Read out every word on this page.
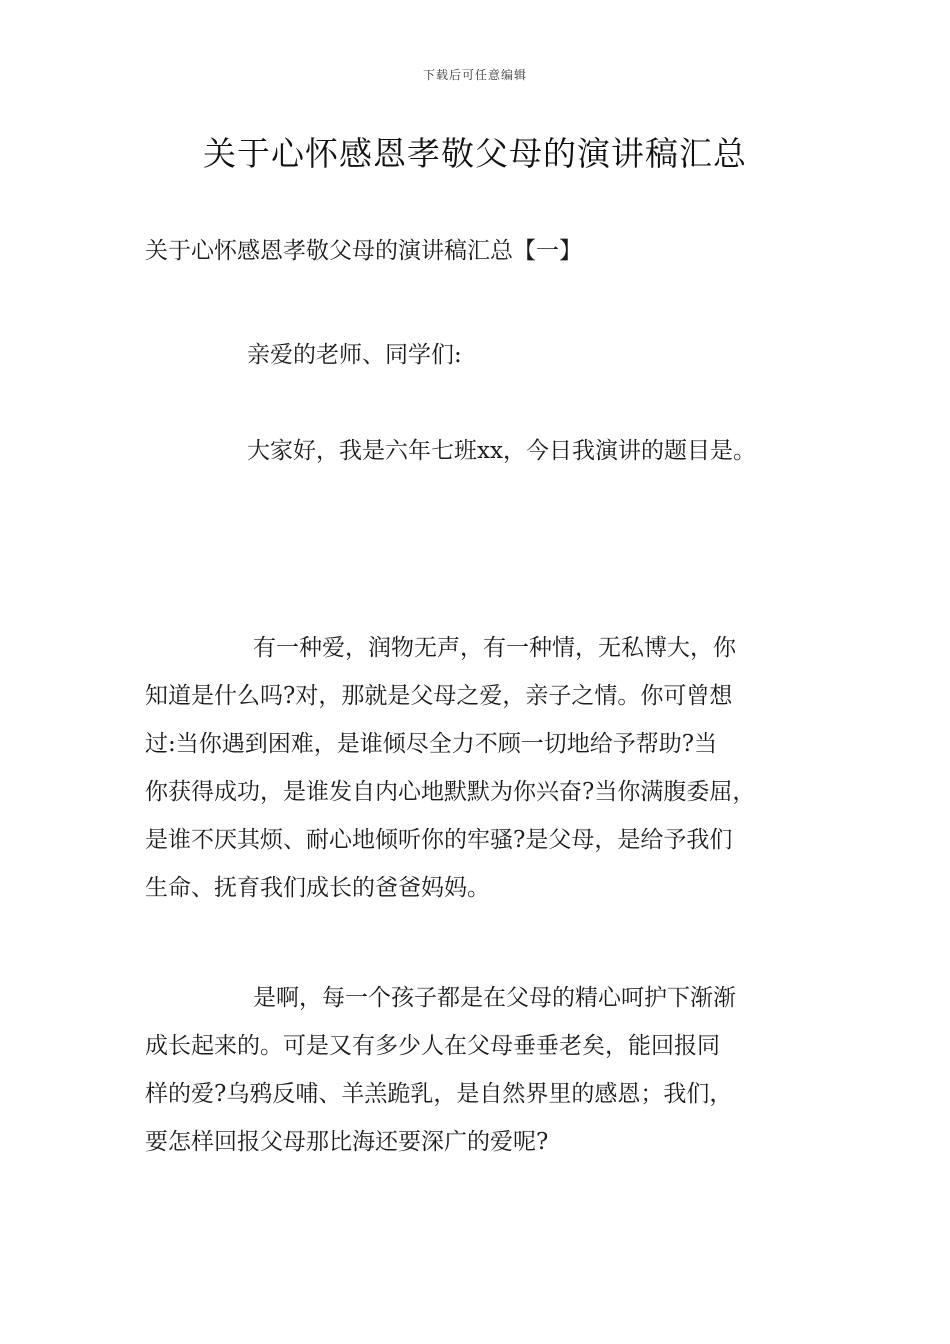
下载后可任意编辑
关于心怀感恩孝敬父母的演讲稿汇总
关于心怀感恩孝敬父母的演讲稿汇总【一】
亲爱的老师、同学们:
大家好，我是六年七班xx，今日我演讲的题目是。

有一种爱，润物无声，有一种情，无私博大，你
知道是什么吗?对，那就是父母之爱，亲子之情。你可曾想
过:当你遇到困难，是谁倾尽全力不顾一切地给予帮助?当
你获得成功，是谁发自内心地默默为你兴奋?当你满腹委屈，
是谁不厌其烦、耐心地倾听你的牢骚?是父母，是给予我们
生命、抚育我们成长的爸爸妈妈。

是啊，每一个孩子都是在父母的精心呵护下渐渐
成长起来的。可是又有多少人在父母垂垂老矣，能回报同
样的爱?乌鸦反哺、羊羔跪乳，是自然界里的感恩；我们，
要怎样回报父母那比海还要深广的爱呢?
